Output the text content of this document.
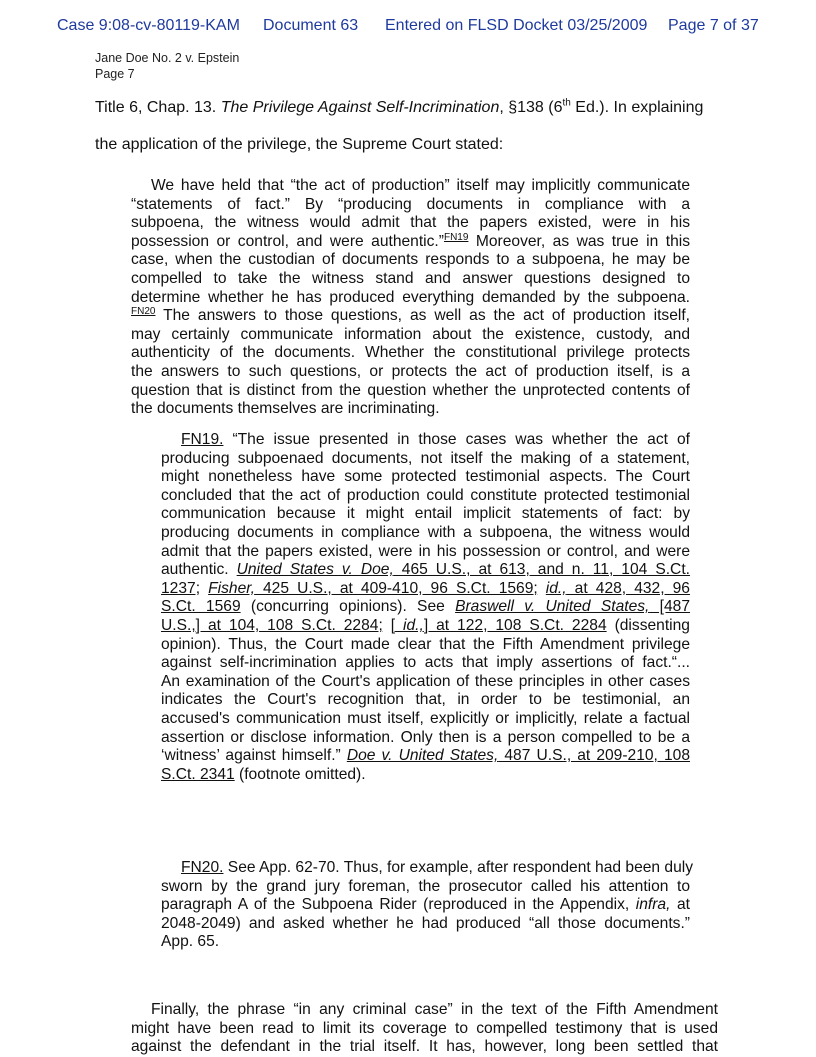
Case 9:08-cv-80119-KAM Document 63 Entered on FLSD Docket 03/25/2009 Page 7 of 37
Jane Doe No. 2 v. Epstein
Page 7
Title 6, Chap. 13. The Privilege Against Self-Incrimination, §138 (6th Ed.). In explaining
the application of the privilege, the Supreme Court stated:
We have held that “the act of production” itself may implicitly communicate
“statements of fact.” By “producing documents in compliance with a
subpoena, the witness would admit that the papers existed, were in his
possession or control, and were authentic.”$^{FN19}$ Moreover, as was true in this
case, when the custodian of documents responds to a subpoena, he may be
compelled to take the witness stand and answer questions designed to
determine whether he has produced everything demanded by the subpoena.
$^{FN20}$ The answers to those questions, as well as the act of production itself,
may certainly communicate information about the existence, custody, and
authenticity of the documents. Whether the constitutional privilege protects
the answers to such questions, or protects the act of production itself, is a
question that is distinct from the question whether the unprotected contents of
the documents themselves are incriminating.
FN19. “The issue presented in those cases was whether the act of
producing subpoenaed documents, not itself the making of a statement,
might nonetheless have some protected testimonial aspects. The Court
concluded that the act of production could constitute protected testimonial
communication because it might entail implicit statements of fact: by
producing documents in compliance with a subpoena, the witness would
admit that the papers existed, were in his possession or control, and were
authentic. United States v. Doe, 465 U.S., at 613, and n. 11, 104 S.Ct.
1237; Fisher, 425 U.S., at 409-410, 96 S.Ct. 1569; id., at 428, 432, 96
S.Ct. 1569 (concurring opinions). See Braswell v. United States, [487
U.S.,] at 104, 108 S.Ct. 2284; [ id.,] at 122, 108 S.Ct. 2284 (dissenting
opinion). Thus, the Court made clear that the Fifth Amendment privilege
against self-incrimination applies to acts that imply assertions of fact.“...
An examination of the Court's application of these principles in other cases
indicates the Court's recognition that, in order to be testimonial, an
accused's communication must itself, explicitly or implicitly, relate a factual
assertion or disclose information. Only then is a person compelled to be a
‘witness’ against himself.” Doe v. United States, 487 U.S., at 209-210, 108
S.Ct. 2341 (footnote omitted).
FN20. See App. 62-70. Thus, for example, after respondent had been duly
sworn by the grand jury foreman, the prosecutor called his attention to
paragraph A of the Subpoena Rider (reproduced in the Appendix, infra, at
2048-2049) and asked whether he had produced “all those documents.”
App. 65.
Finally, the phrase “in any criminal case” in the text of the Fifth Amendment
might have been read to limit its coverage to compelled testimony that is used
against the defendant in the trial itself. It has, however, long been settled that
